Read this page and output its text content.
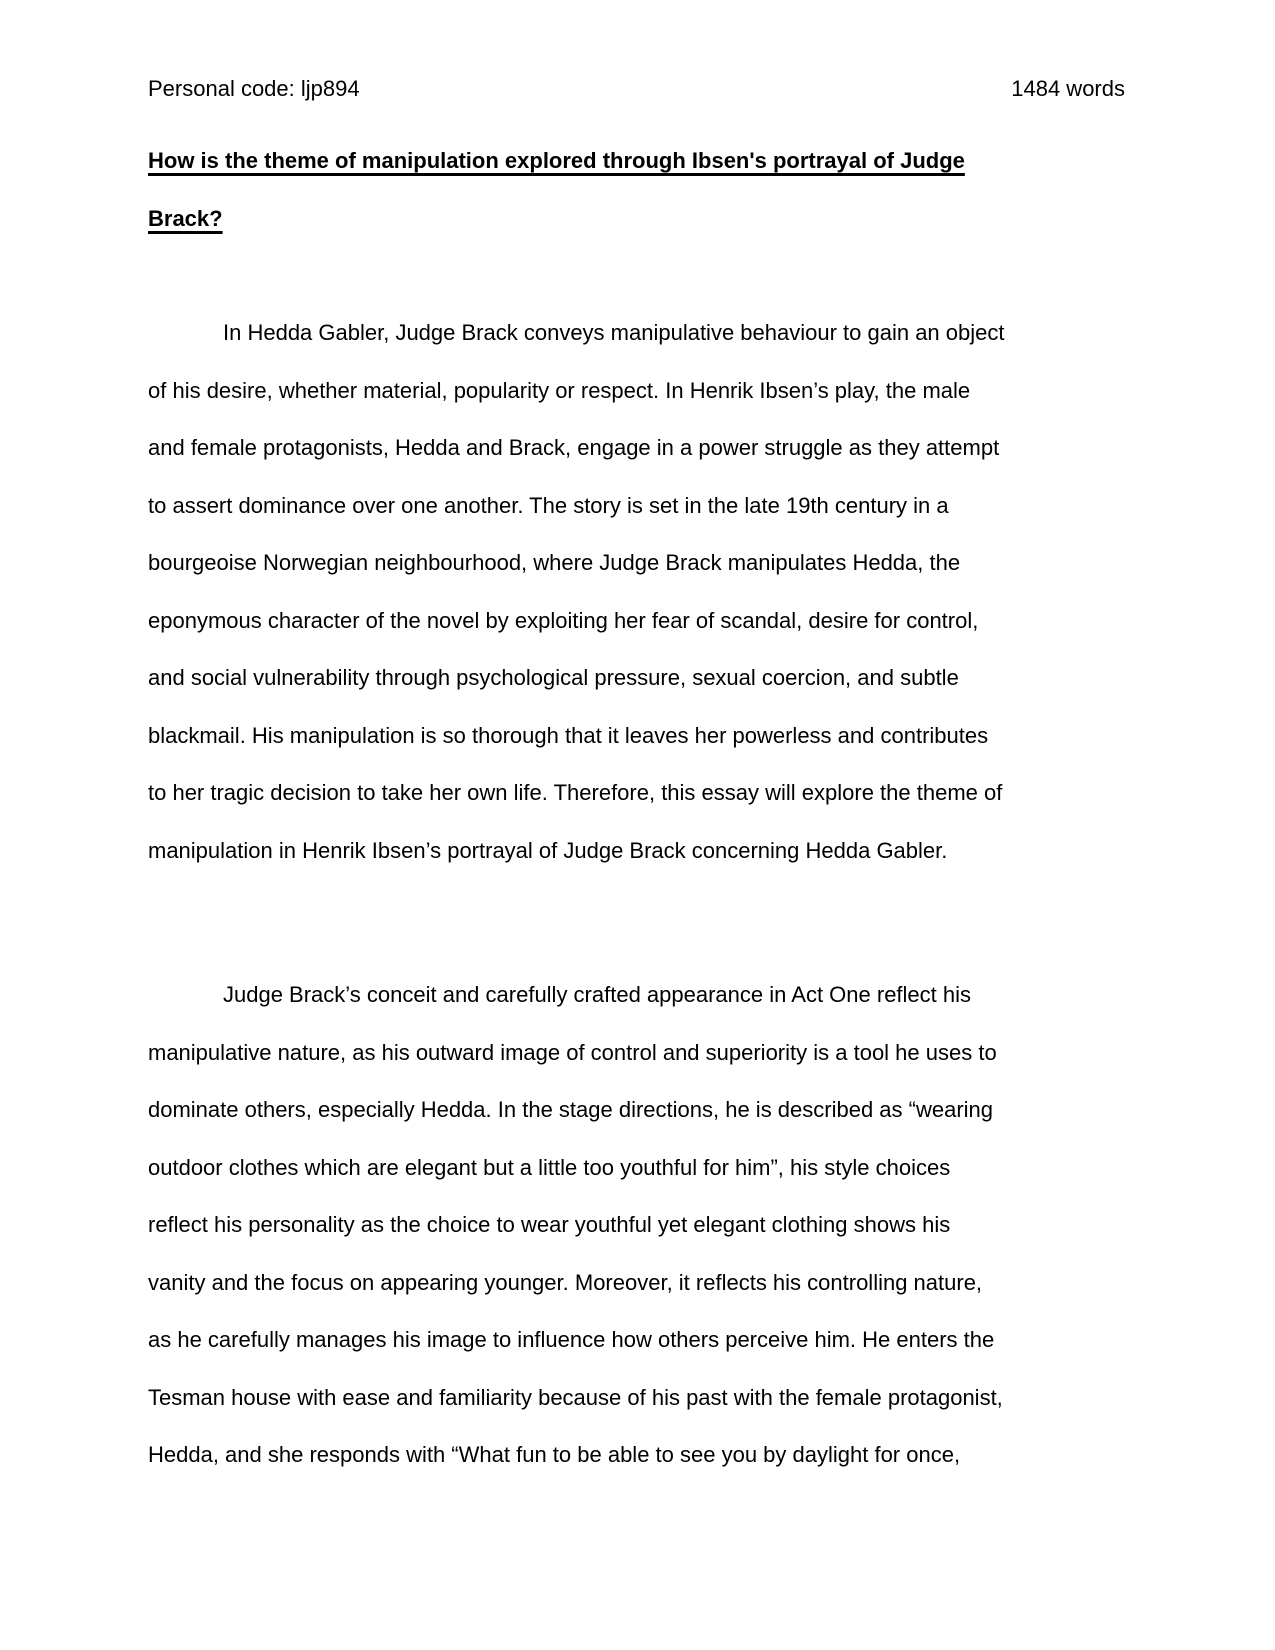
Personal code: ljp894	1484 words
How is the theme of manipulation explored through Ibsen's portrayal of Judge
Brack?
In Hedda Gabler, Judge Brack conveys manipulative behaviour to gain an object
of his desire, whether material, popularity or respect. In Henrik Ibsen’s play, the male
and female protagonists, Hedda and Brack, engage in a power struggle as they attempt
to assert dominance over one another. The story is set in the late 19th century in a
bourgeoise Norwegian neighbourhood, where Judge Brack manipulates Hedda, the
eponymous character of the novel by exploiting her fear of scandal, desire for control,
and social vulnerability through psychological pressure, sexual coercion, and subtle
blackmail. His manipulation is so thorough that it leaves her powerless and contributes
to her tragic decision to take her own life. Therefore, this essay will explore the theme of
manipulation in Henrik Ibsen’s portrayal of Judge Brack concerning Hedda Gabler.
Judge Brack’s conceit and carefully crafted appearance in Act One reflect his
manipulative nature, as his outward image of control and superiority is a tool he uses to
dominate others, especially Hedda. In the stage directions, he is described as “wearing
outdoor clothes which are elegant but a little too youthful for him”, his style choices
reflect his personality as the choice to wear youthful yet elegant clothing shows his
vanity and the focus on appearing younger. Moreover, it reflects his controlling nature,
as he carefully manages his image to influence how others perceive him. He enters the
Tesman house with ease and familiarity because of his past with the female protagonist,
Hedda, and she responds with “What fun to be able to see you by daylight for once,
